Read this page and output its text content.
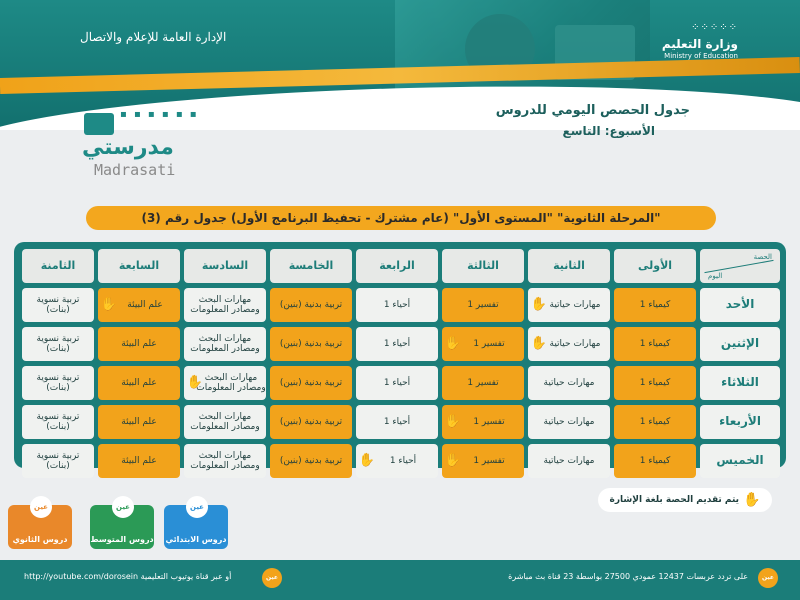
⁘⁘⁘⁘⁘
وزارة التعليم
Ministry of Education
الإدارة العامة للإعلام والاتصال
جدول الحصص اليومي للدروس
الأسبوع: التاسع
▪ ▪ ▪ ▪ ▪ ▪
مدرستي
Madrasati
"المرحلة الثانوية" "المستوى الأول" (عام مشترك - تحفيظ البرنامج الأول) جدول رقم (3)
الحصة
اليوم
الأولى
الثانية
الثالثة
الرابعة
الخامسة
السادسة
السابعة
الثامنة
الأحد
كيمياء 1
مهارات حياتية
✋
تفسير 1
أحياء 1
تربية بدنية (بنين)
مهارات البحث ومصادر المعلومات
علم البيئة
✋
تربية نسوية (بنات)
الإثنين
كيمياء 1
مهارات حياتية
✋
تفسير 1
✋
أحياء 1
تربية بدنية (بنين)
مهارات البحث ومصادر المعلومات
علم البيئة
تربية نسوية (بنات)
الثلاثاء
كيمياء 1
مهارات حياتية
تفسير 1
أحياء 1
تربية بدنية (بنين)
مهارات البحث ومصادر المعلومات
✋
علم البيئة
تربية نسوية (بنات)
الأربعاء
كيمياء 1
مهارات حياتية
تفسير 1
✋
أحياء 1
تربية بدنية (بنين)
مهارات البحث ومصادر المعلومات
علم البيئة
تربية نسوية (بنات)
الخميس
كيمياء 1
مهارات حياتية
تفسير 1
✋
أحياء 1
✋
تربية بدنية (بنين)
مهارات البحث ومصادر المعلومات
علم البيئة
تربية نسوية (بنات)
✋
يتم تقديم الحصة بلغة الإشارة
عين
دروس الابتدائي
عين
دروس المتوسط
عين
دروس الثانوي
عين
على تردد عربسات 12437 عمودي 27500 بواسطة 23 قناة بث مباشرة
عين
http://youtube.com/dorosein أو عبر قناة يوتيوب التعليمية
